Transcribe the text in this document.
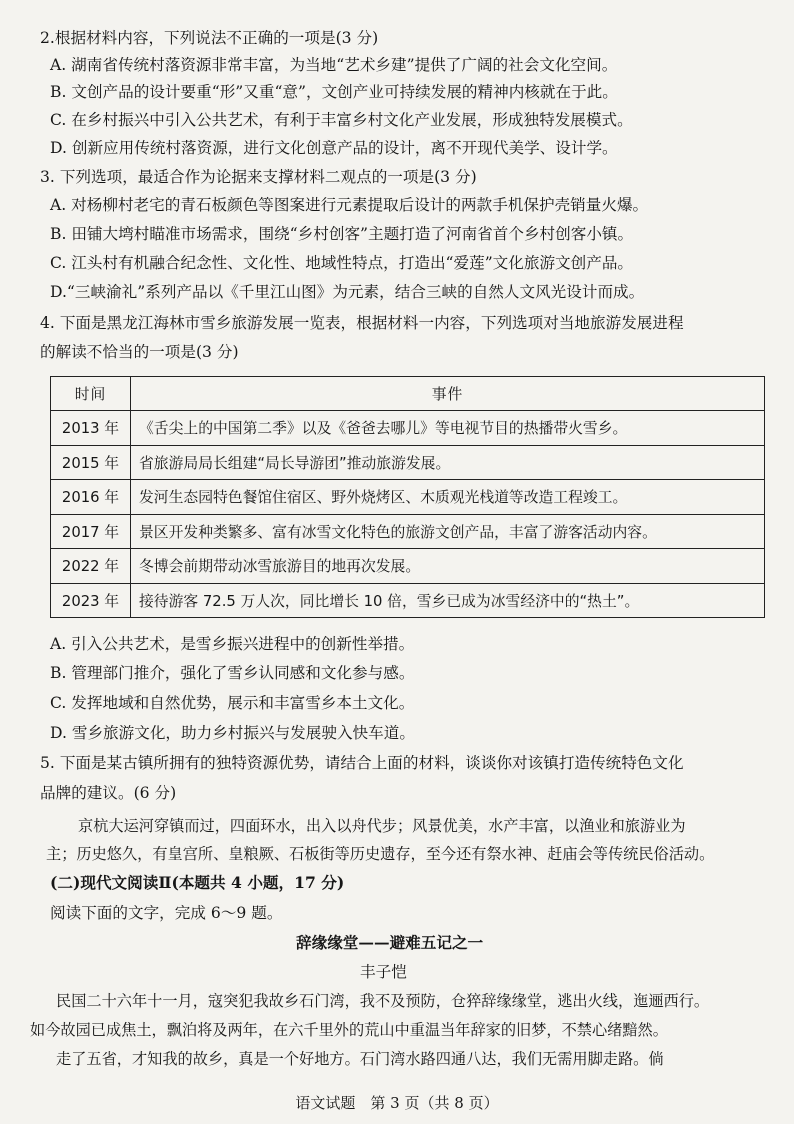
2.根据材料内容，下列说法不正确的一项是(3 分)
A. 湖南省传统村落资源非常丰富，为当地“艺术乡建”提供了广阔的社会文化空间。
B. 文创产品的设计要重“形”又重“意”，文创产业可持续发展的精神内核就在于此。
C. 在乡村振兴中引入公共艺术，有利于丰富乡村文化产业发展，形成独特发展模式。
D. 创新应用传统村落资源，进行文化创意产品的设计，离不开现代美学、设计学。
3. 下列选项，最适合作为论据来支撑材料二观点的一项是(3 分)
A. 对杨柳村老宅的青石板颜色等图案进行元素提取后设计的两款手机保护壳销量火爆。
B. 田铺大塆村瞄准市场需求，围绕“乡村创客”主题打造了河南省首个乡村创客小镇。
C. 江头村有机融合纪念性、文化性、地域性特点，打造出“爱莲”文化旅游文创产品。
D.“三峡渝礼”系列产品以《千里江山图》为元素，结合三峡的自然人文风光设计而成。
4. 下面是黑龙江海林市雪乡旅游发展一览表，根据材料一内容，下列选项对当地旅游发展进程
的解读不恰当的一项是(3 分)
时间	事件
2013 年	《舌尖上的中国第二季》以及《爸爸去哪儿》等电视节目的热播带火雪乡。
2015 年	省旅游局局长组建“局长导游团”推动旅游发展。
2016 年	发河生态园特色餐馆住宿区、野外烧烤区、木质观光栈道等改造工程竣工。
2017 年	景区开发种类繁多、富有冰雪文化特色的旅游文创产品，丰富了游客活动内容。
2022 年	冬博会前期带动冰雪旅游目的地再次发展。
2023 年	接待游客 72.5 万人次，同比增长 10 倍，雪乡已成为冰雪经济中的“热土”。
A. 引入公共艺术，是雪乡振兴进程中的创新性举措。
B. 管理部门推介，强化了雪乡认同感和文化参与感。
C. 发挥地域和自然优势，展示和丰富雪乡本土文化。
D. 雪乡旅游文化，助力乡村振兴与发展驶入快车道。
5. 下面是某古镇所拥有的独特资源优势，请结合上面的材料，谈谈你对该镇打造传统特色文化
品牌的建议。(6 分)
京杭大运河穿镇而过，四面环水，出入以舟代步；风景优美，水产丰富，以渔业和旅游业为
主；历史悠久，有皇宫所、皇粮厥、石板街等历史遗存，至今还有祭水神、赶庙会等传统民俗活动。
(二)现代文阅读Ⅱ(本题共 4 小题，17 分)
阅读下面的文字，完成 6～9 题。
辞缘缘堂——避难五记之一
丰子恺
民国二十六年十一月，寇突犯我故乡石门湾，我不及预防，仓猝辞缘缘堂，逃出火线，迤逦西行。
如今故园已成焦土，飘泊将及两年，在六千里外的荒山中重温当年辞家的旧梦，不禁心绪黯然。
走了五省，才知我的故乡，真是一个好地方。石门湾水路四通八达，我们无需用脚走路。倘
语文试题　第 3 页（共 8 页）
